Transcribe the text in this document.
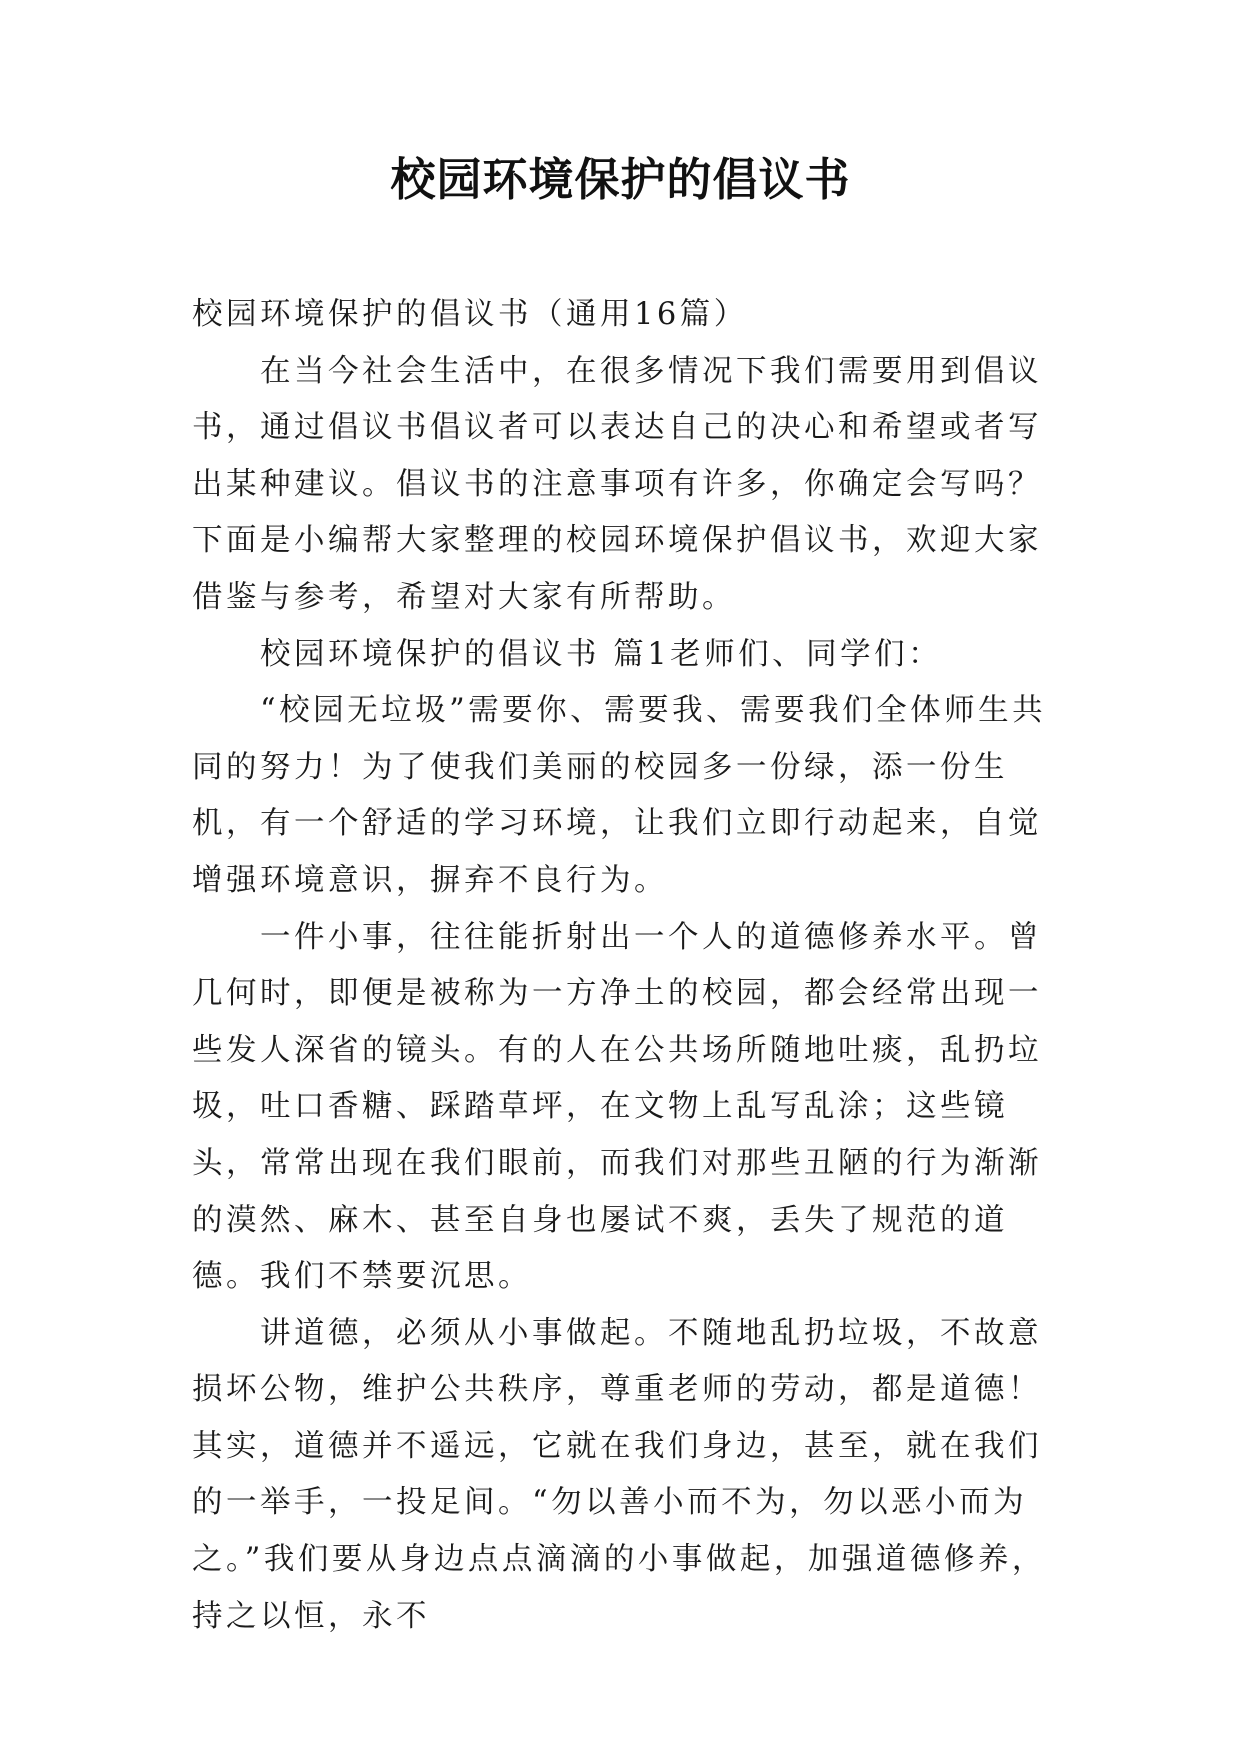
校园环境保护的倡议书

校园环境保护的倡议书（通用16篇）

在当今社会生活中，在很多情况下我们需要用到倡议书，通过倡议书倡议者可以表达自己的决心和希望或者写出某种建议。倡议书的注意事项有许多，你确定会写吗？下面是小编帮大家整理的校园环境保护倡议书，欢迎大家借鉴与参考，希望对大家有所帮助。

校园环境保护的倡议书 篇1老师们、同学们：

“校园无垃圾”需要你、需要我、需要我们全体师生共同的努力！为了使我们美丽的校园多一份绿，添一份生机，有一个舒适的学习环境，让我们立即行动起来，自觉增强环境意识，摒弃不良行为。

一件小事，往往能折射出一个人的道德修养水平。曾几何时，即便是被称为一方净土的校园，都会经常出现一些发人深省的镜头。有的人在公共场所随地吐痰，乱扔垃圾，吐口香糖、踩踏草坪，在文物上乱写乱涂；这些镜头，常常出现在我们眼前，而我们对那些丑陋的行为渐渐的漠然、麻木、甚至自身也屡试不爽，丢失了规范的道德。我们不禁要沉思。

讲道德，必须从小事做起。不随地乱扔垃圾，不故意损坏公物，维护公共秩序，尊重老师的劳动，都是道德！其实，道德并不遥远，它就在我们身边，甚至，就在我们的一举手，一投足间。“勿以善小而不为，勿以恶小而为之。”我们要从身边点点滴滴的小事做起，加强道德修养，持之以恒，永不
